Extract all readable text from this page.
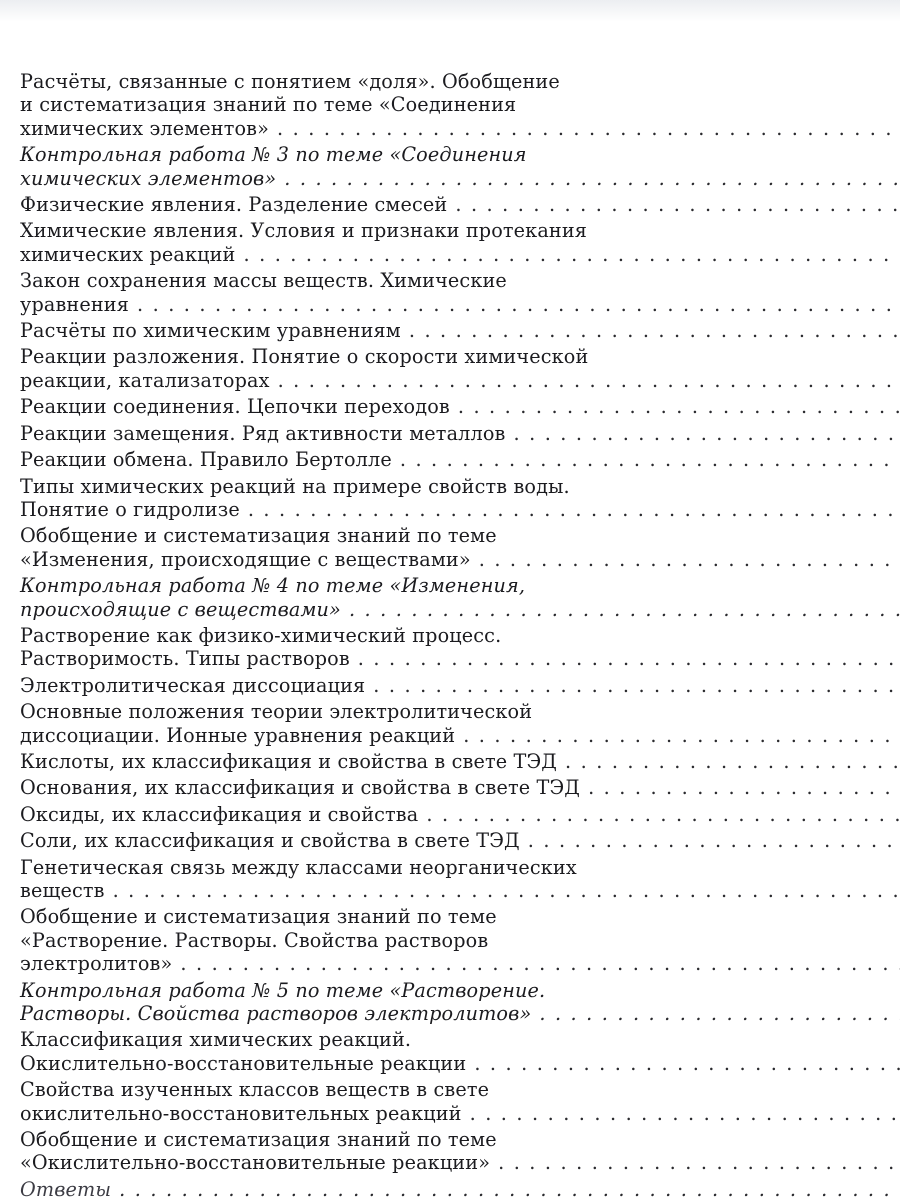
Расчёты, связанные с понятием «доля». Обобщение
и систематизация знаний по теме «Соединения
химических элементов»
.....
Контрольная работа № 3 по теме «Соединения
химических элементов»
.....
Физические явления. Разделение смесей
.....
Химические явления. Условия и признаки протекания
химических реакций
.....
Закон сохранения массы веществ. Химические
уравнения
.....
Расчёты по химическим уравнениям
.....
Реакции разложения. Понятие о скорости химической
реакции, катализаторах
.....
Реакции соединения. Цепочки переходов
.....
Реакции замещения. Ряд активности металлов
.....
Реакции обмена. Правило Бертолле
.....
Типы химических реакций на примере свойств воды.
Понятие о гидролизе
.....
Обобщение и систематизация знаний по теме
«Изменения, происходящие с веществами»
.....
Контрольная работа № 4 по теме «Изменения,
происходящие с веществами»
.....
Растворение как физико-химический процесс.
Растворимость. Типы растворов
.....
Электролитическая диссоциация
.....
Основные положения теории электролитической
диссоциации. Ионные уравнения реакций
.....
Кислоты, их классификация и свойства в свете ТЭД
.....
Основания, их классификация и свойства в свете ТЭД
.....
Оксиды, их классификация и свойства
.....
Соли, их классификация и свойства в свете ТЭД
.....
Генетическая связь между классами неорганических
веществ
.....
Обобщение и систематизация знаний по теме
«Растворение. Растворы. Свойства растворов
электролитов»
.....
Контрольная работа № 5 по теме «Растворение.
Растворы. Свойства растворов электролитов»
.....
Классификация химических реакций.
Окислительно-восстановительные реакции
.....
Свойства изученных классов веществ в свете
окислительно-восстановительных реакций
.....
Обобщение и систематизация знаний по теме
«Окислительно-восстановительные реакции»
.....
Ответы
.....
